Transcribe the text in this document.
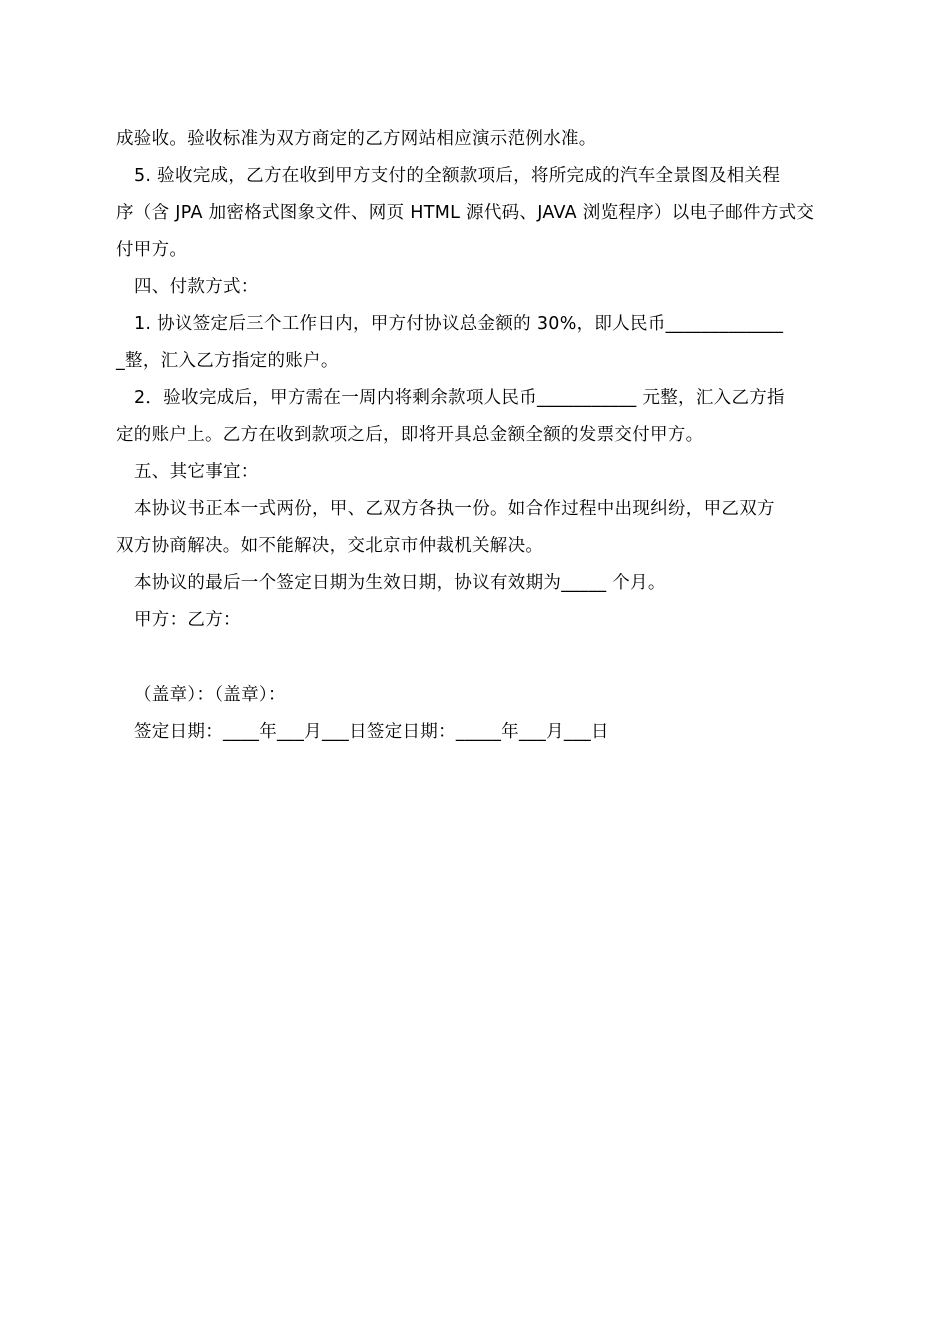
成验收。验收标准为双方商定的乙方网站相应演示范例水准。
5. 验收完成，乙方在收到甲方支付的全额款项后，将所完成的汽车全景图及相关程
序（含 JPA 加密格式图象文件、网页 HTML 源代码、JAVA 浏览程序）以电子邮件方式交
付甲方。
四、付款方式：
1. 协议签定后三个工作日内，甲方付协议总金额的 30%，即人民币_____________
_整，汇入乙方指定的账户。
2．验收完成后，甲方需在一周内将剩余款项人民币___________ 元整，汇入乙方指
定的账户上。乙方在收到款项之后，即将开具总金额全额的发票交付甲方。
五、其它事宜：
本协议书正本一式两份，甲、乙双方各执一份。如合作过程中出现纠纷，甲乙双方
双方协商解决。如不能解决，交北京市仲裁机关解决。
本协议的最后一个签定日期为生效日期，协议有效期为_____ 个月。
甲方：乙方：
（盖章）：（盖章）：
签定日期：____年___月___日签定日期：_____年___月___日
